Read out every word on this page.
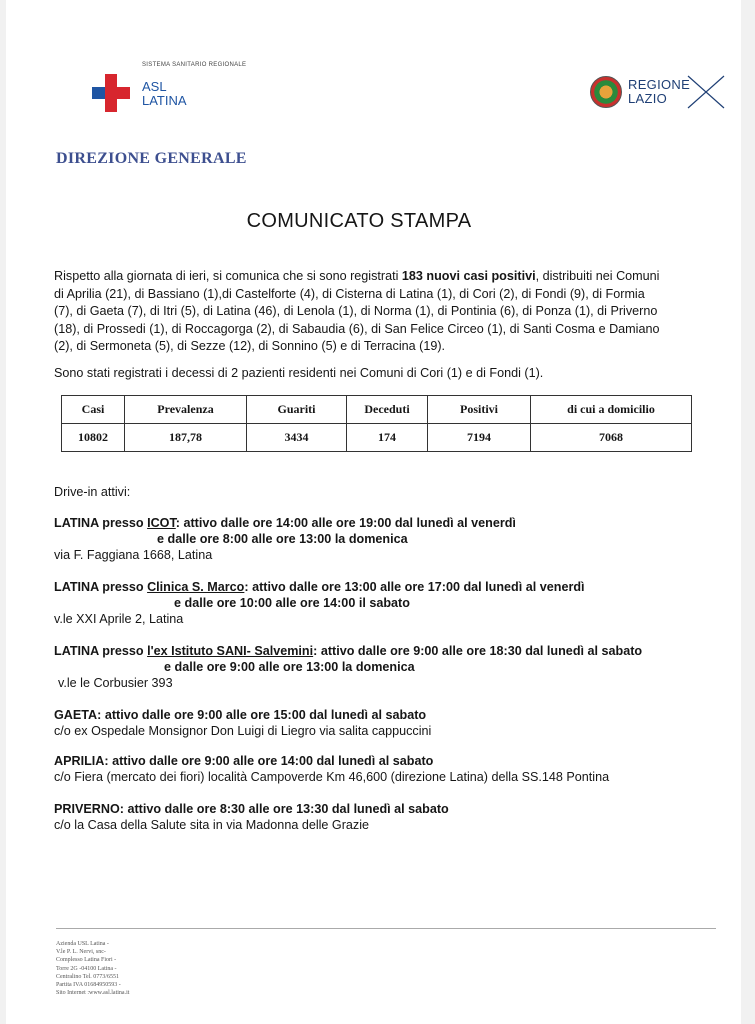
SISTEMA SANITARIO REGIONALE
ASL
LATINA
REGIONE
LAZIO
DIREZIONE GENERALE
COMUNICATO STAMPA
Rispetto alla giornata di ieri, si comunica che si sono registrati 183 nuovi casi positivi, distribuiti nei Comuni
di Aprilia (21), di Bassiano (1),di Castelforte (4), di Cisterna di Latina (1), di Cori (2), di Fondi (9), di Formia
(7), di Gaeta (7), di Itri (5), di Latina (46), di Lenola (1), di Norma (1), di Pontinia (6), di Ponza (1), di Priverno
(18), di Prossedi (1), di Roccagorga (2), di Sabaudia (6), di San Felice Circeo (1), di Santi Cosma e Damiano
(2), di Sermoneta (5), di Sezze (12), di Sonnino (5) e di Terracina (19).
Sono stati registrati i decessi di 2 pazienti residenti nei Comuni di Cori (1) e di Fondi (1).
Casi	Prevalenza	Guariti	Deceduti	Positivi	di cui a domicilio
10802	187,78	3434	174	7194	7068
Drive-in attivi:
LATINA presso ICOT: attivo dalle ore 14:00 alle ore 19:00 dal lunedì al venerdì
e dalle ore 8:00 alle ore 13:00 la domenica
via F. Faggiana 1668, Latina
LATINA presso Clinica S. Marco: attivo dalle ore 13:00 alle ore 17:00 dal lunedì al venerdì
e dalle ore 10:00 alle ore 14:00 il sabato
v.le XXI Aprile 2, Latina
LATINA presso l'ex Istituto SANI- Salvemini: attivo dalle ore 9:00 alle ore 18:30 dal lunedì al sabato
e dalle ore 9:00 alle ore 13:00 la domenica
v.le le Corbusier 393
GAETA: attivo dalle ore 9:00 alle ore 15:00 dal lunedì al sabato
c/o ex Ospedale Monsignor Don Luigi di Liegro via salita cappuccini
APRILIA: attivo dalle ore 9:00 alle ore 14:00 dal lunedì al sabato
c/o Fiera (mercato dei fiori) località Campoverde Km 46,600 (direzione Latina) della SS.148 Pontina
PRIVERNO: attivo dalle ore 8:30 alle ore 13:30 dal lunedì al sabato
c/o la Casa della Salute sita in via Madonna delle Grazie
Azienda USL Latina -
V.le P. L. Nervi, snc-
Complesso Latina Fiori -
Torre 2G -04100 Latina -
Centralino Tel. 0773/6551
Partita IVA 01684950593 -
Sito Internet :www.asl.latina.it
